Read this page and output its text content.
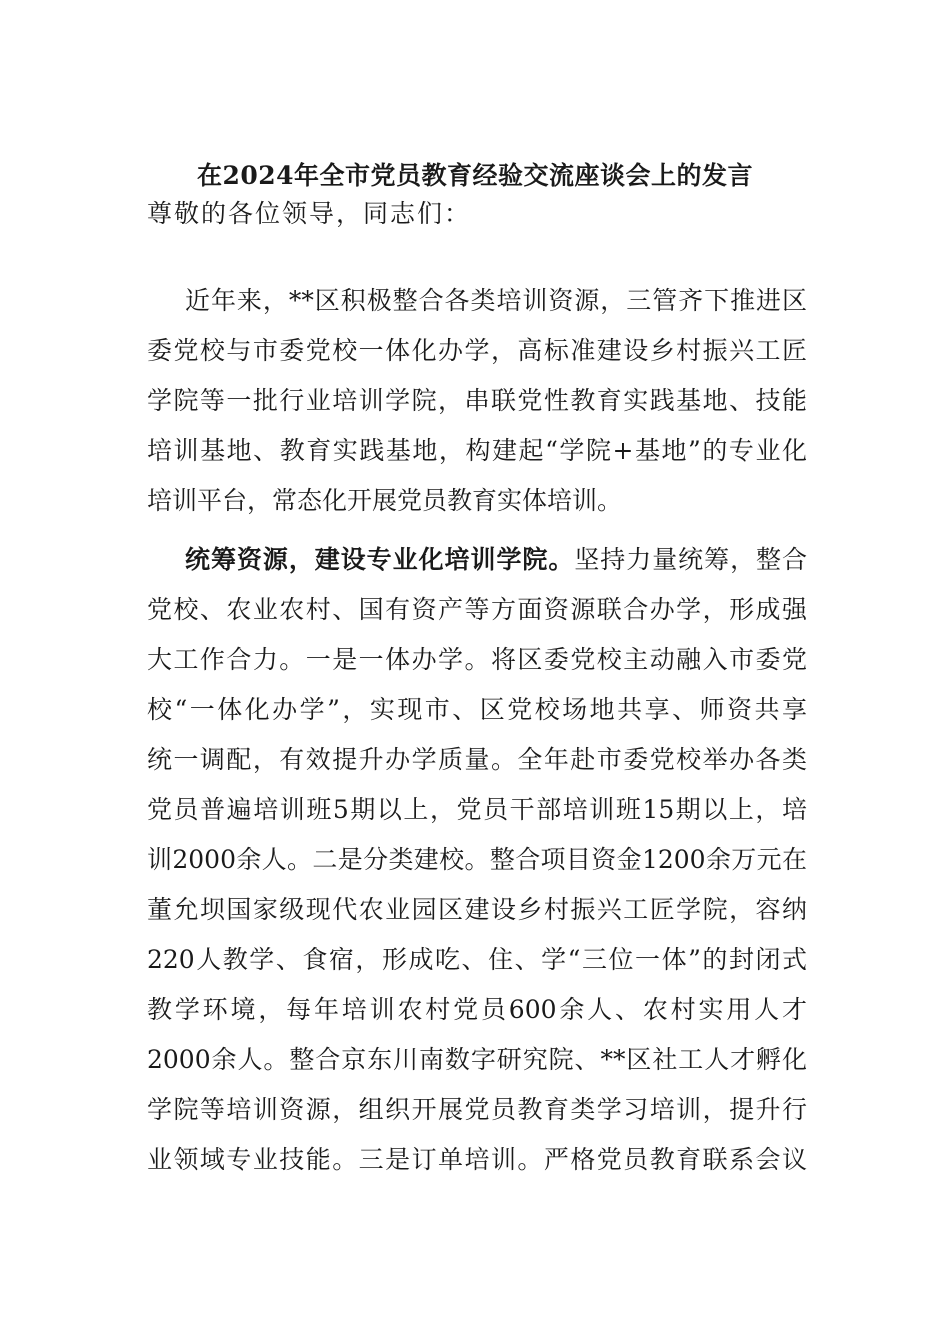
在2024年全市党员教育经验交流座谈会上的发言
尊敬的各位领导，同志们：
近年来，**区积极整合各类培训资源，三管齐下推进区
委党校与市委党校一体化办学，高标准建设乡村振兴工匠
学院等一批行业培训学院，串联党性教育实践基地、技能
培训基地、教育实践基地，构建起“学院+基地”的专业化
培训平台，常态化开展党员教育实体培训。
统筹资源，建设专业化培训学院。坚持力量统筹，整合
党校、农业农村、国有资产等方面资源联合办学，形成强
大工作合力。一是一体办学。将区委党校主动融入市委党
校“一体化办学”，实现市、区党校场地共享、师资共享
统一调配，有效提升办学质量。全年赴市委党校举办各类
党员普遍培训班5期以上，党员干部培训班15期以上，培
训2000余人。二是分类建校。整合项目资金1200余万元在
董允坝国家级现代农业园区建设乡村振兴工匠学院，容纳
220人教学、食宿，形成吃、住、学“三位一体”的封闭式
教学环境，每年培训农村党员600余人、农村实用人才
2000余人。整合京东川南数字研究院、**区社工人才孵化
学院等培训资源，组织开展党员教育类学习培训，提升行
业领域专业技能。三是订单培训。严格党员教育联系会议
